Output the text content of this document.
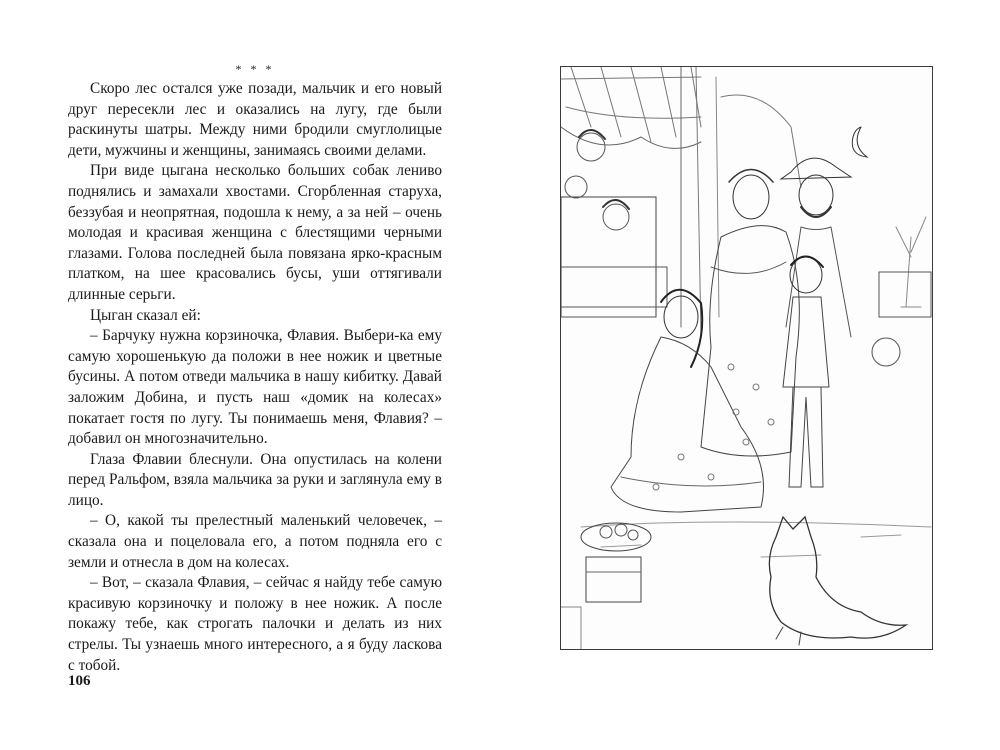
* * *

Скоро лес остался уже позади, мальчик и его новый друг пересекли лес и оказались на лугу, где были раскинуты шатры. Между ними бродили смуглолицые дети, мужчины и женщины, занимаясь своими делами.

При виде цыгана несколько больших собак лениво поднялись и замахали хвостами. Сгорбленная старуха, беззубая и неопрятная, подошла к нему, а за ней – очень молодая и красивая женщина с блестящими черными глазами. Голова последней была повязана ярко-красным платком, на шее красовались бусы, уши оттягивали длинные серьги.

Цыган сказал ей:

– Барчуку нужна корзиночка, Флавия. Выбери-ка ему самую хорошенькую да положи в нее ножик и цветные бусины. А потом отведи мальчика в нашу кибитку. Давай заложим Добина, и пусть наш «домик на колесах» покатает гостя по лугу. Ты понимаешь меня, Флавия? – добавил он многозначительно.

Глаза Флавии блеснули. Она опустилась на колени перед Ральфом, взяла мальчика за руки и заглянула ему в лицо.

– О, какой ты прелестный маленький человечек, – сказала она и поцеловала его, а потом подняла его с земли и отнесла в дом на колесах.

– Вот, – сказала Флавия, – сейчас я найду тебе самую красивую корзиночку и положу в нее ножик. А после покажу тебе, как строгать палочки и делать из них стрелы. Ты узнаешь много интересного, а я буду ласкова с тобой.

106
